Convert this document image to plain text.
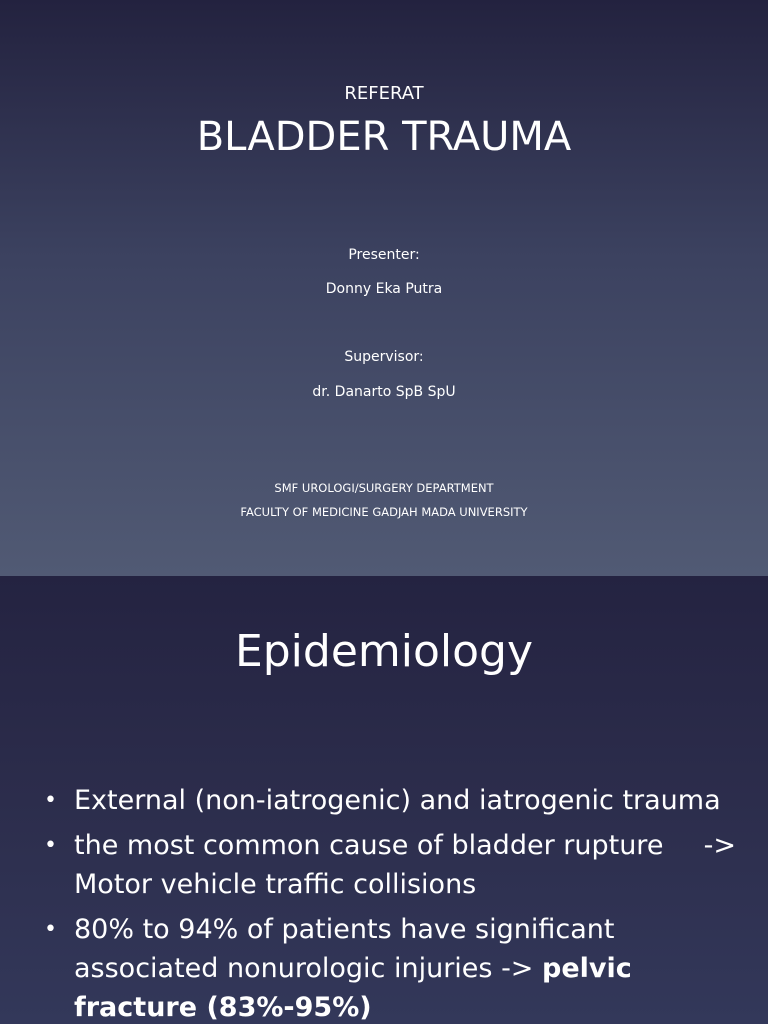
REFERAT
BLADDER TRAUMA
Presenter:
Donny Eka Putra
Supervisor:
dr. Danarto SpB SpU
SMF UROLOGI/SURGERY DEPARTMENT
FACULTY OF MEDICINE GADJAH MADA UNIVERSITY
Epidemiology
• External (non-iatrogenic) and iatrogenic trauma
• the most common cause of bladder rupture ->

Motor vehicle traffic collisions
• 80% to 94% of patients have significant associated nonurologic injuries -> pelvic fracture (83%-95%)
